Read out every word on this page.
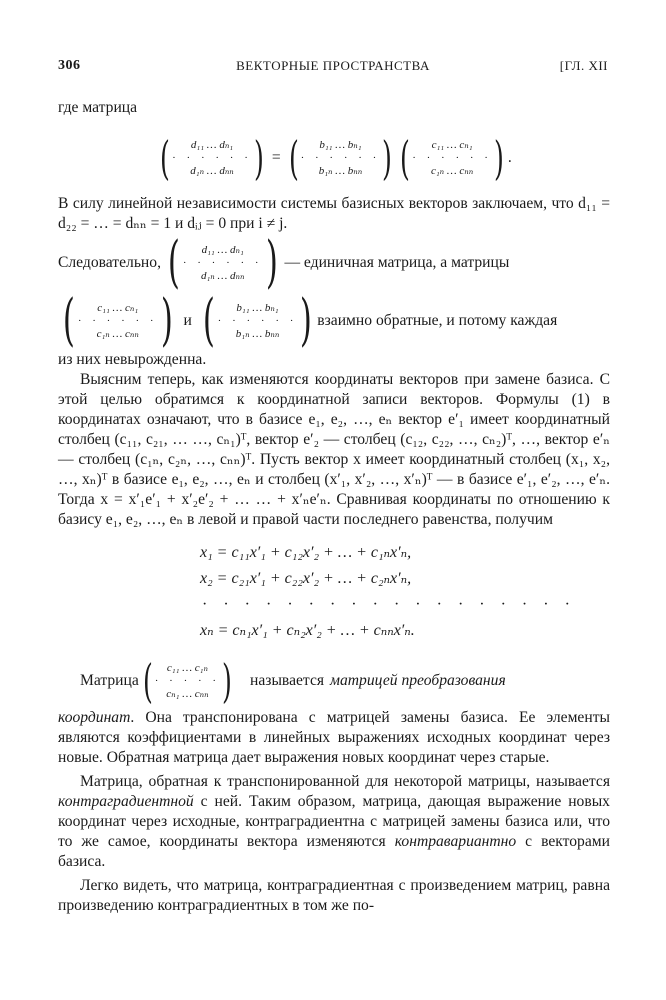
306	ВЕКТОРНЫЕ ПРОСТРАНСТВА	[ГЛ. XII

где матрица

(	d₁₁ … dₙ₁
· · · · · ·
d₁ₙ … dₙₙ ) = (	b₁₁ … bₙ₁
· · · · · ·
b₁ₙ … bₙₙ ) (	c₁₁ … cₙ₁
· · · · · ·
c₁ₙ … cₙₙ ) .

В силу линейной независимости системы базисных векторов заключаем, что d₁₁ = d₂₂ = … = dₙₙ = 1 и dᵢⱼ = 0 при i ≠ j.

Следовательно, (	d₁₁ … dₙ₁
· · · · · ·
d₁ₙ … dₙₙ ) — единичная матрица, а матрицы
(	c₁₁ … cₙ₁
· · · · · ·
c₁ₙ … cₙₙ ) и (	b₁₁ … bₙ₁
· · · · · ·
b₁ₙ … bₙₙ ) взаимно обратные, и потому каждая

из них невырожденна.

Выясним теперь, как изменяются координаты векторов при замене базиса. С этой целью обратимся к координатной записи векторов. Формулы (1) в координатах означают, что в базисе e₁, e₂, …, eₙ вектор e′₁ имеет координатный столбец (c₁₁, c₂₁, … …, cₙ₁)ᵀ, вектор e′₂ — столбец (c₁₂, c₂₂, …, cₙ₂)ᵀ, …, вектор e′ₙ — столбец (c₁ₙ, c₂ₙ, …, cₙₙ)ᵀ. Пусть вектор x имеет координатный столбец (x₁, x₂, …, xₙ)ᵀ в базисе e₁, e₂, …, eₙ и столбец (x′₁, x′₂, …, x′ₙ)ᵀ — в базисе e′₁, e′₂, …, e′ₙ. Тогда x = x′₁e′₁ + x′₂e′₂ + … … + x′ₙe′ₙ. Сравнивая координаты по отношению к базису e₁, e₂, …, eₙ в левой и правой части последнего равенства, получим

x₁ = c₁₁x′₁ + c₁₂x′₂ + … + c₁ₙx′ₙ,
x₂ = c₂₁x′₁ + c₂₂x′₂ + … + c₂ₙx′ₙ,
· · · · · · · · · · · · · · · · · ·
xₙ = cₙ₁x′₁ + cₙ₂x′₂ + … + cₙₙx′ₙ.
Матрица (	c₁₁ … c₁ₙ
· · · · ·
cₙ₁ … cₙₙ ) называется матрицей преобразования

координат. Она транспонирована с матрицей замены базиса. Ее элементы являются коэффициентами в линейных выражениях исходных координат через новые. Обратная матрица дает выражения новых координат через старые.

Матрица, обратная к транспонированной для некоторой матрицы, называется контраградиентной с ней. Таким образом, матрица, дающая выражение новых координат через исходные, контраградиентна с матрицей замены базиса или, что то же самое, координаты вектора изменяются контравариантно с векторами базиса.

Легко видеть, что матрица, контраградиентная с произведением матриц, равна произведению контраградиентных в том же по-
